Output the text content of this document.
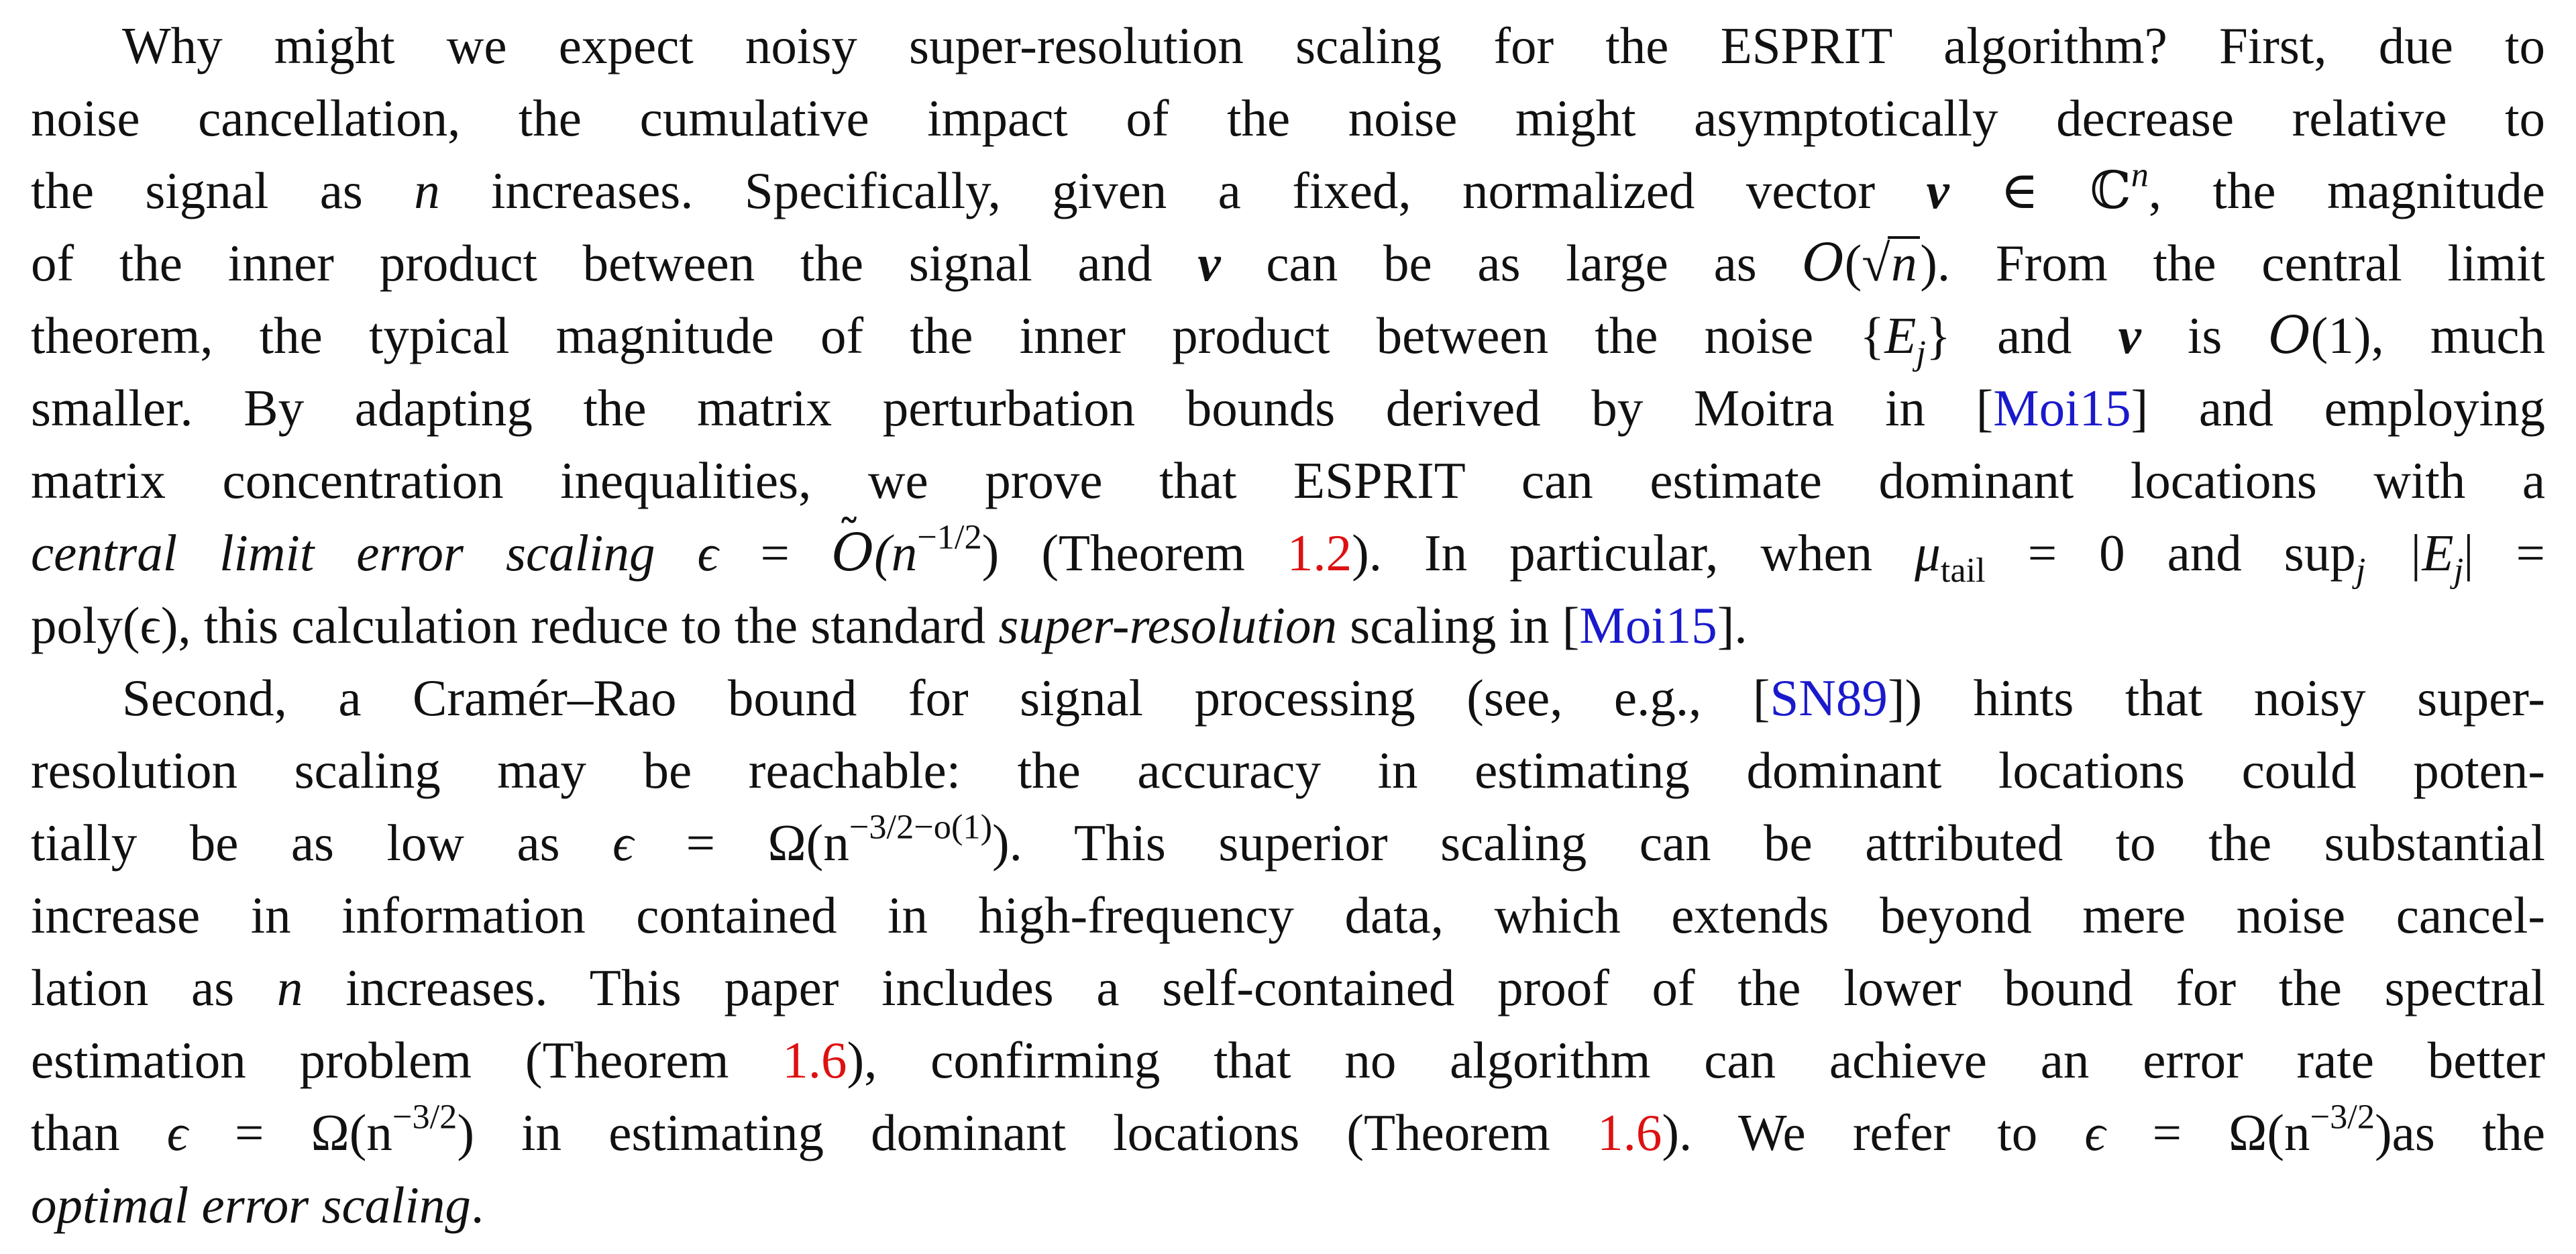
Why might we expect noisy super-resolution scaling for the ESPRIT algorithm? First, due to
noise cancellation, the cumulative impact of the noise might asymptotically decrease relative to
the signal as n increases. Specifically, given a fixed, normalized vector v ∈ ℂ$^n$, the magnitude
of the inner product between the signal and v can be as large as O(√n). From the central limit
theorem, the typical magnitude of the inner product between the noise $\{E_j\}$ and v is O(1), much
smaller. By adapting the matrix perturbation bounds derived by Moitra in [Moi15] and employing
matrix concentration inequalities, we prove that ESPRIT can estimate dominant locations with a
central limit error scaling ϵ = ˜ $O(n^{-1/2})$ (Theorem 1.2). In particular, when $\mu_{tail} = 0$ and sup$_j$ $|E_j|$ =
poly(ϵ), this calculation reduce to the standard super-resolution scaling in [Moi15].
Second, a Cramér–Rao bound for signal processing (see, e.g., [SN89]) hints that noisy super-
resolution scaling may be reachable: the accuracy in estimating dominant locations could poten-
tially be as low as $\epsilon = \Omega(n^{-3/2-o(1)})$. This superior scaling can be attributed to the substantial
increase in information contained in high-frequency data, which extends beyond mere noise cancel-
lation as n increases. This paper includes a self-contained proof of the lower bound for the spectral
estimation problem (Theorem 1.6), confirming that no algorithm can achieve an error rate better
than $\epsilon = \Omega(n^{-3/2})$ in estimating dominant locations (Theorem 1.6). We refer to $\epsilon = \Omega(n^{-3/2})as$ the
optimal error scaling.
